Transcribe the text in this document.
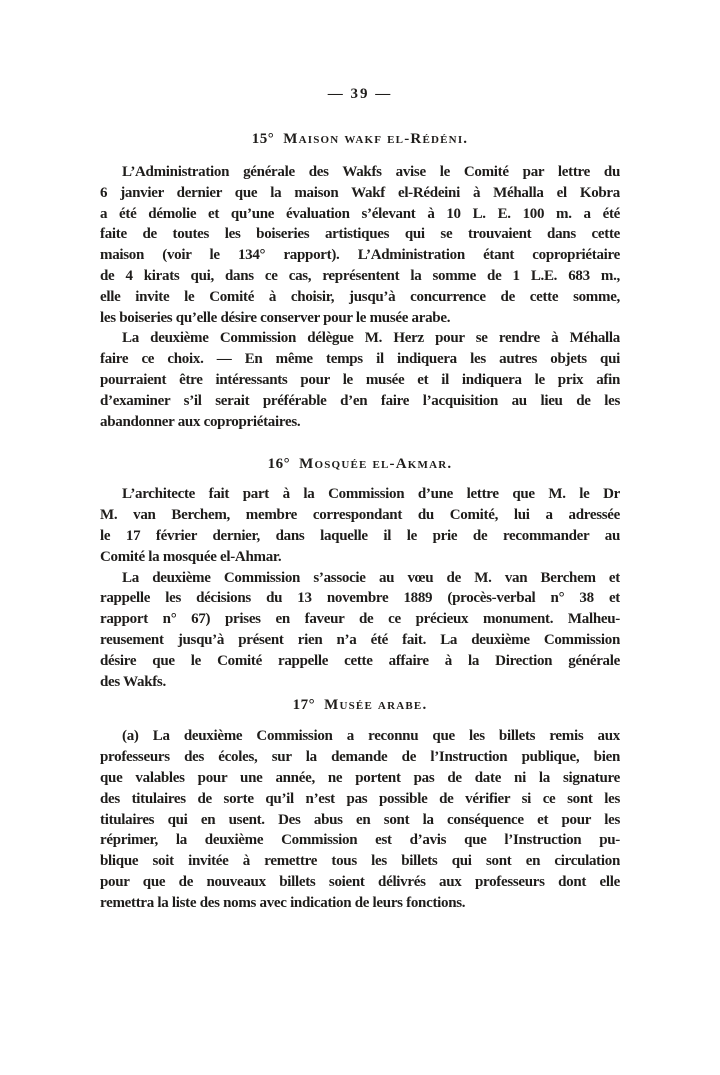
— 39 —
15° Maison wakf el-Rédéni.
L’Administration générale des Wakfs avise le Comité par lettre du
6 janvier dernier que la maison Wakf el-Rédeini à Méhalla el Kobra
a été démolie et qu’une évaluation s’élevant à 10 L. E. 100 m. a été
faite de toutes les boiseries artistiques qui se trouvaient dans cette
maison (voir le 134° rapport). L’Administration étant copropriétaire
de 4 kirats qui, dans ce cas, représentent la somme de 1 L.E. 683 m.,
elle invite le Comité à choisir, jusqu’à concurrence de cette somme,
les boiseries qu’elle désire conserver pour le musée arabe.
La deuxième Commission délègue M. Herz pour se rendre à Méhalla
faire ce choix. — En même temps il indiquera les autres objets qui
pourraient être intéressants pour le musée et il indiquera le prix afin
d’examiner s’il serait préférable d’en faire l’acquisition au lieu de les
abandonner aux copropriétaires.
16° Mosquée el-Akmar.
L’architecte fait part à la Commission d’une lettre que M. le Dr
M. van Berchem, membre correspondant du Comité, lui a adressée
le 17 février dernier, dans laquelle il le prie de recommander au
Comité la mosquée el-Ahmar.
La deuxième Commission s’associe au vœu de M. van Berchem et
rappelle les décisions du 13 novembre 1889 (procès-verbal n° 38 et
rapport n° 67) prises en faveur de ce précieux monument. Malheu-
reusement jusqu’à présent rien n’a été fait. La deuxième Commission
désire que le Comité rappelle cette affaire à la Direction générale
des Wakfs.
17° Musée arabe.
(a) La deuxième Commission a reconnu que les billets remis aux
professeurs des écoles, sur la demande de l’Instruction publique, bien
que valables pour une année, ne portent pas de date ni la signature
des titulaires de sorte qu’il n’est pas possible de vérifier si ce sont les
titulaires qui en usent. Des abus en sont la conséquence et pour les
réprimer, la deuxième Commission est d’avis que l’Instruction pu-
blique soit invitée à remettre tous les billets qui sont en circulation
pour que de nouveaux billets soient délivrés aux professeurs dont elle
remettra la liste des noms avec indication de leurs fonctions.
